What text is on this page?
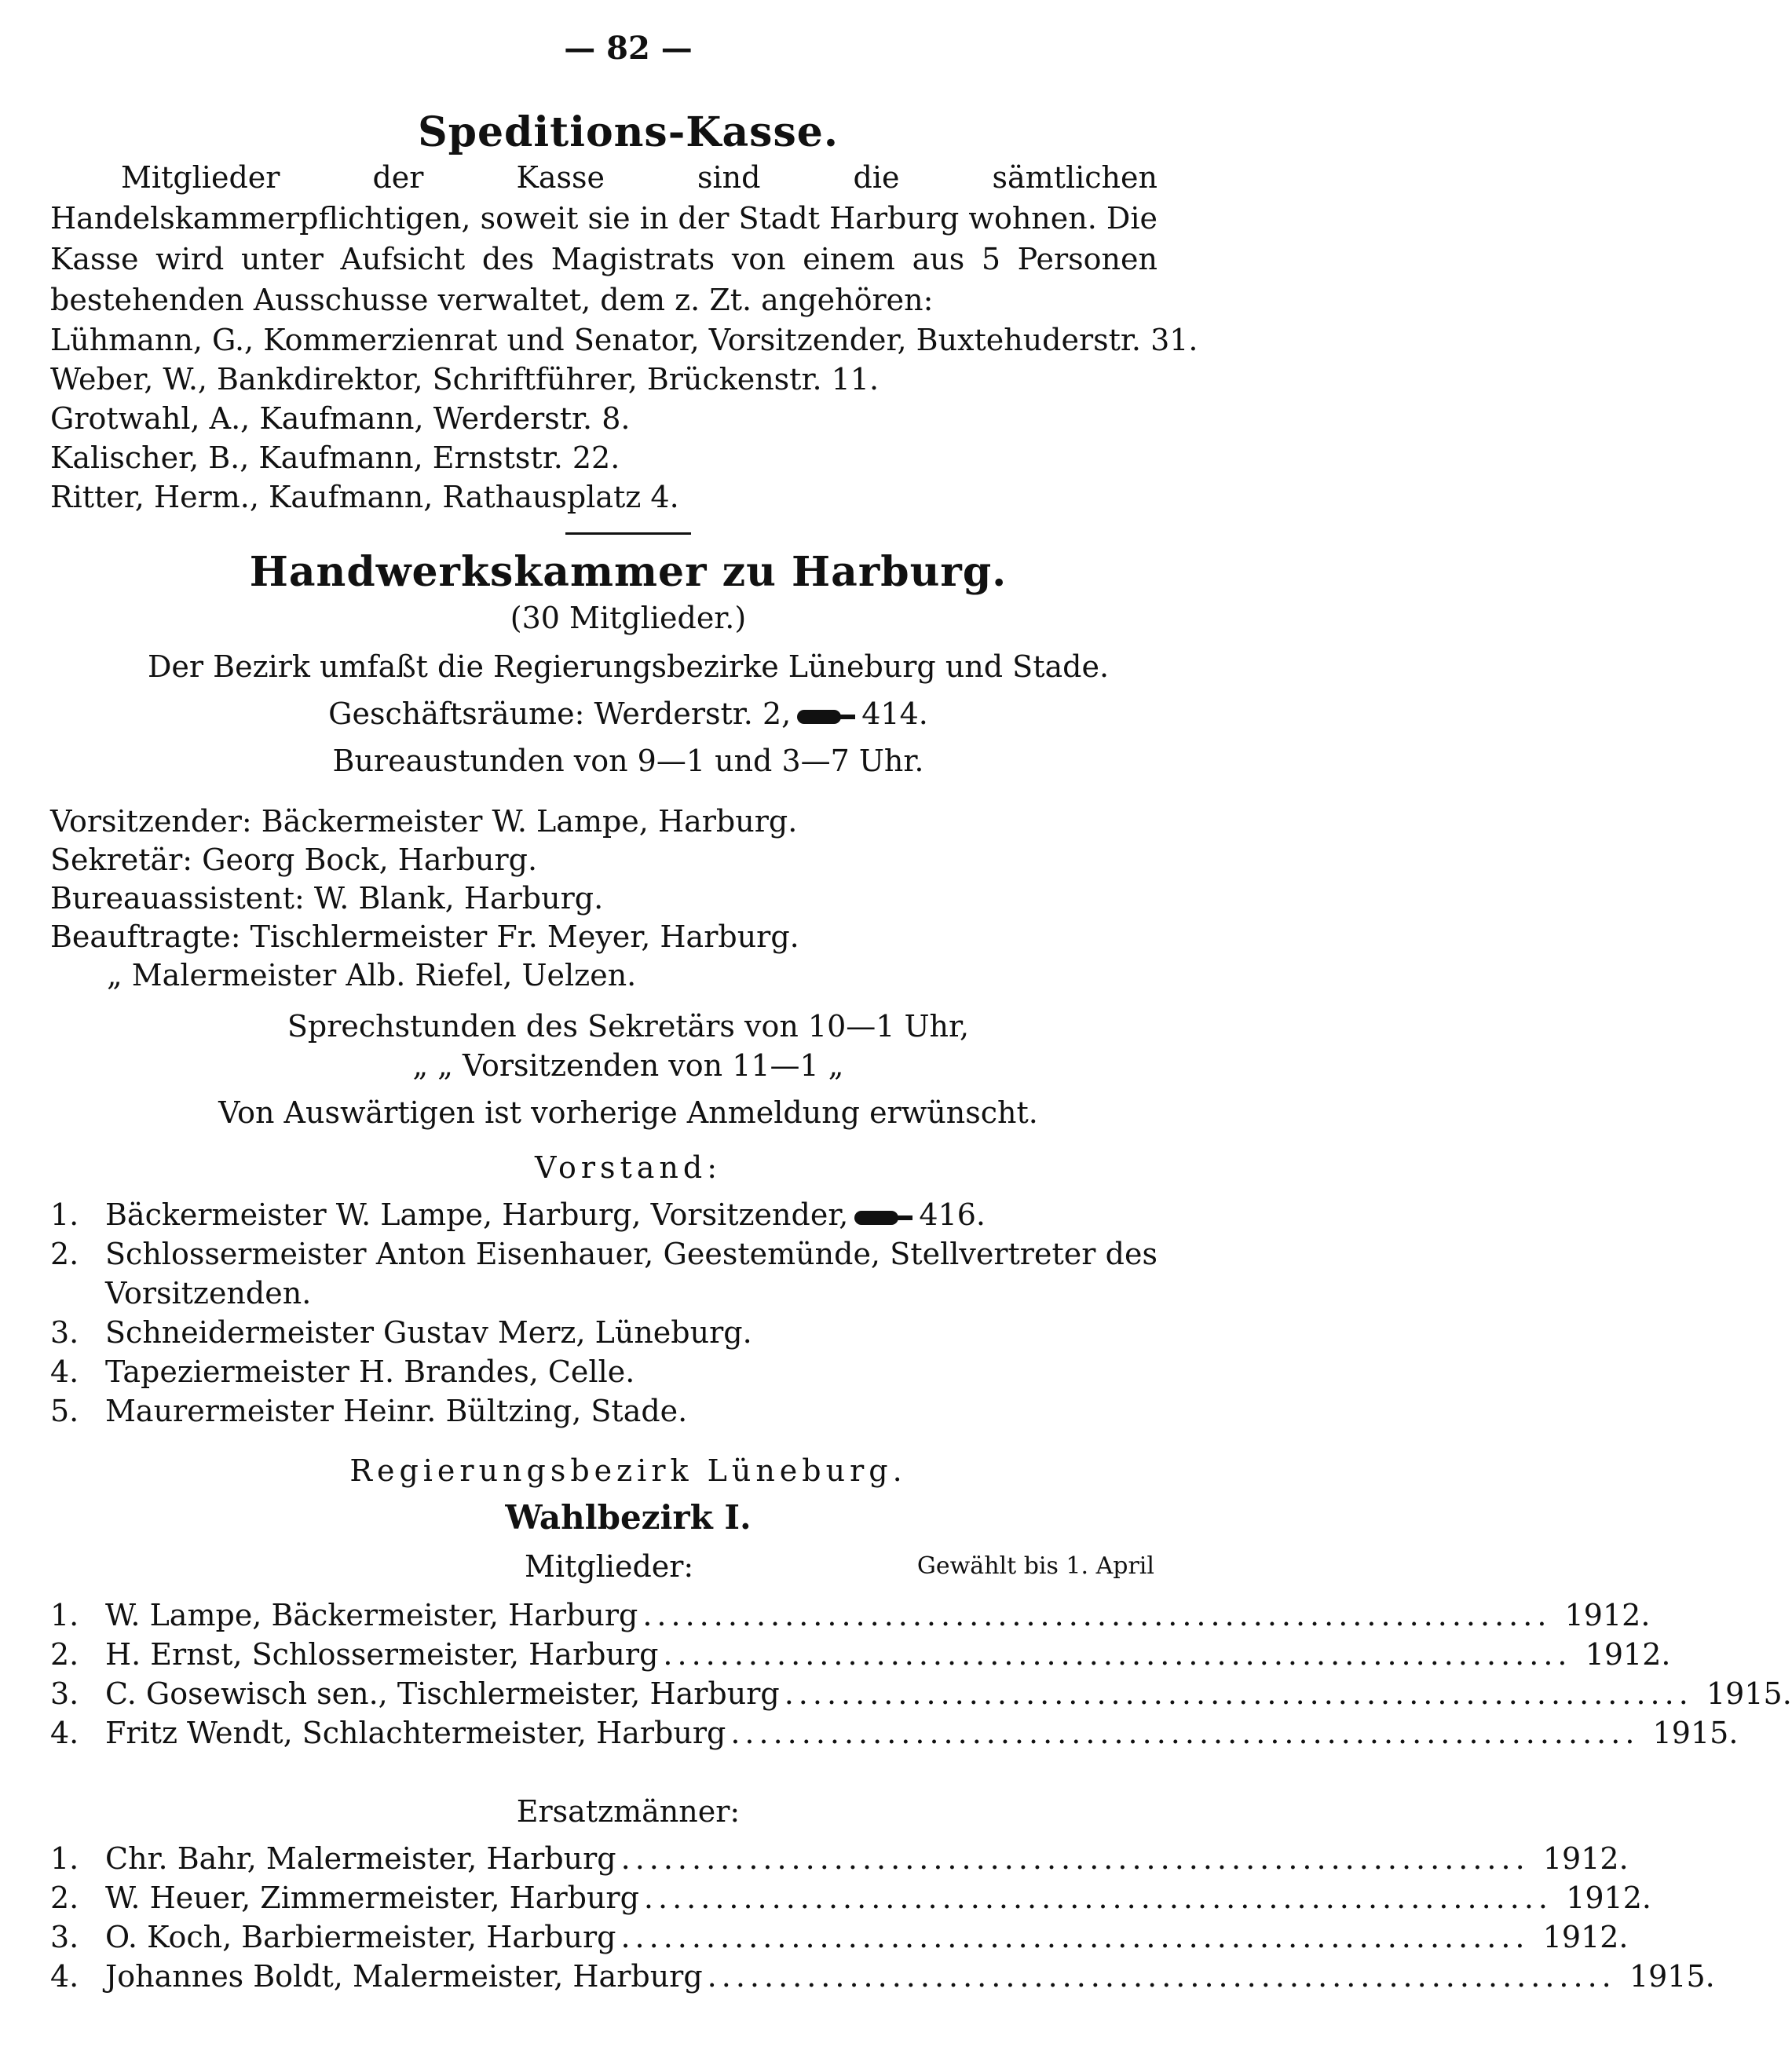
— 82 —
Speditions-Kasse.
Mitglieder der Kasse sind die sämtlichen Handelskammerpflichtigen, soweit sie in der Stadt Harburg wohnen. Die Kasse wird unter Aufsicht des Magistrats von einem aus 5 Personen bestehenden Ausschusse verwaltet, dem z. Zt. angehören:
Lühmann, G., Kommerzienrat und Senator, Vorsitzender, Buxtehuderstr. 31.
Weber, W., Bankdirektor, Schriftführer, Brückenstr. 11.
Grotwahl, A., Kaufmann, Werderstr. 8.
Kalischer, B., Kaufmann, Ernststr. 22.
Ritter, Herm., Kaufmann, Rathausplatz 4.
Handwerkskammer zu Harburg.
(30 Mitglieder.)
Der Bezirk umfaßt die Regierungsbezirke Lüneburg und Stade.
Geschäftsräume: Werderstr. 2, 414.
Bureaustunden von 9—1 und 3—7 Uhr.
Vorsitzender: Bäckermeister W. Lampe, Harburg.
Sekretär: Georg Bock, Harburg.
Bureauassistent: W. Blank, Harburg.
Beauftragte: Tischlermeister Fr. Meyer, Harburg.
„ Malermeister Alb. Riefel, Uelzen.
Sprechstunden des Sekretärs von 10—1 Uhr,
„ „ Vorsitzenden von 11—1 „
Von Auswärtigen ist vorherige Anmeldung erwünscht.
Vorstand:
1. Bäckermeister W. Lampe, Harburg, Vorsitzender, 416.
2. Schlossermeister Anton Eisenhauer, Geestemünde, Stellvertreter des Vorsitzenden.
3. Schneidermeister Gustav Merz, Lüneburg.
4. Tapeziermeister H. Brandes, Celle.
5. Maurermeister Heinr. Bültzing, Stade.
Regierungsbezirk Lüneburg.
Wahlbezirk I.
Mitglieder:	Gewählt bis 1. April
1. W. Lampe, Bäckermeister, Harburg ................................................................ 1912.
2. H. Ernst, Schlossermeister, Harburg ................................................................ 1912.
3. C. Gosewisch sen., Tischlermeister, Harburg ................................................................ 1915.
4. Fritz Wendt, Schlachtermeister, Harburg ................................................................ 1915.
Ersatzmänner:
1. Chr. Bahr, Malermeister, Harburg ................................................................ 1912.
2. W. Heuer, Zimmermeister, Harburg ................................................................ 1912.
3. O. Koch, Barbiermeister, Harburg ................................................................ 1912.
4. Johannes Boldt, Malermeister, Harburg ................................................................ 1915.
